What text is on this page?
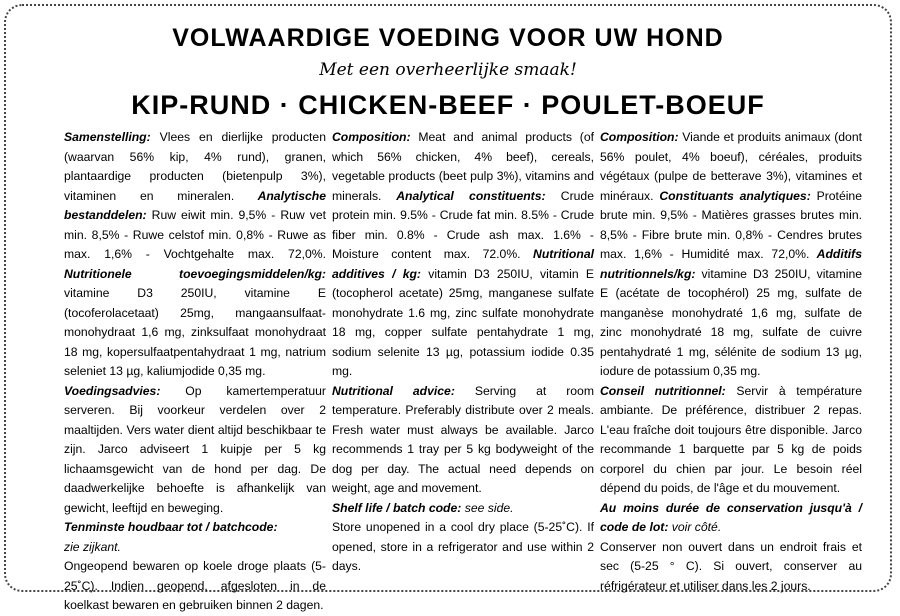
VOLWAARDIGE VOEDING VOOR UW HOND
Met een overheerlijke smaak!
KIP-RUND · CHICKEN-BEEF · POULET-BOEUF

Samenstelling: Vlees en dierlijke producten (waarvan 56% kip, 4% rund), granen, plantaardige producten (bietenpulp 3%), vitaminen en mineralen. Analytische bestanddelen: Ruw eiwit min. 9,5% - Ruw vet min. 8,5% - Ruwe celstof min. 0,8% - Ruwe as max. 1,6% - Vochtgehalte max. 72,0%. Nutritionele toevoegingsmiddelen/kg: vitamine D3 250IU, vitamine E (tocoferolacetaat) 25mg, mangaansulfaat-monohydraat 1,6 mg, zinksulfaat monohydraat 18 mg, kopersulfaatpentahydraat 1 mg, natrium seleniet 13 µg, kaliumjodide 0,35 mg.

Voedingsadvies: Op kamertemperatuur serveren. Bij voorkeur verdelen over 2 maaltijden. Vers water dient altijd beschikbaar te zijn. Jarco adviseert 1 kuipje per 5 kg lichaamsgewicht van de hond per dag. De daadwerkelijke behoefte is afhankelijk van gewicht, leeftijd en beweging.

Tenminste houdbaar tot / batchcode:

zie zijkant.

Ongeopend bewaren op koele droge plaats (5-25˚C). Indien geopend, afgesloten in de koelkast bewaren en gebruiken binnen 2 dagen.

Composition: Meat and animal products (of which 56% chicken, 4% beef), cereals, vegetable products (beet pulp 3%), vitamins and minerals. Analytical constituents: Crude protein min. 9.5% - Crude fat min. 8.5% - Crude fiber min. 0.8% - Crude ash max. 1.6% - Moisture content max. 72.0%. Nutritional additives / kg: vitamin D3 250IU, vitamin E (tocopherol acetate) 25mg, manganese sulfate monohydrate 1.6 mg, zinc sulfate monohydrate 18 mg, copper sulfate pentahydrate 1 mg, sodium selenite 13 µg, potassium iodide 0.35 mg.

Nutritional advice: Serving at room temperature. Preferably distribute over 2 meals. Fresh water must always be available. Jarco recommends 1 tray per 5 kg bodyweight of the dog per day. The actual need depends on weight, age and movement.

Shelf life / batch code: see side.

Store unopened in a cool dry place (5-25˚C). If opened, store in a refrigerator and use within 2 days.

Composition: Viande et produits animaux (dont 56% poulet, 4% boeuf), céréales, produits végétaux (pulpe de betterave 3%), vitamines et minéraux. Constituants analytiques: Protéine brute min. 9,5% - Matières grasses brutes min. 8,5% - Fibre brute min. 0,8% - Cendres brutes max. 1,6% - Humidité max. 72,0%. Additifs nutritionnels/kg: vitamine D3 250IU, vitamine E (acétate de tocophérol) 25 mg, sulfate de manganèse monohydraté 1,6 mg, sulfate de zinc monohydraté 18 mg, sulfate de cuivre pentahydraté 1 mg, sélénite de sodium 13 µg, iodure de potassium 0,35 mg.

Conseil nutritionnel: Servir à température ambiante. De préférence, distribuer 2 repas. L'eau fraîche doit toujours être disponible. Jarco recommande 1 barquette par 5 kg de poids corporel du chien par jour. Le besoin réel dépend du poids, de l'âge et du mouvement.

Au moins durée de conservation jusqu'à / code de lot: voir côté.

Conserver non ouvert dans un endroit frais et sec (5-25 ° C). Si ouvert, conserver au réfrigérateur et utiliser dans les 2 jours.
